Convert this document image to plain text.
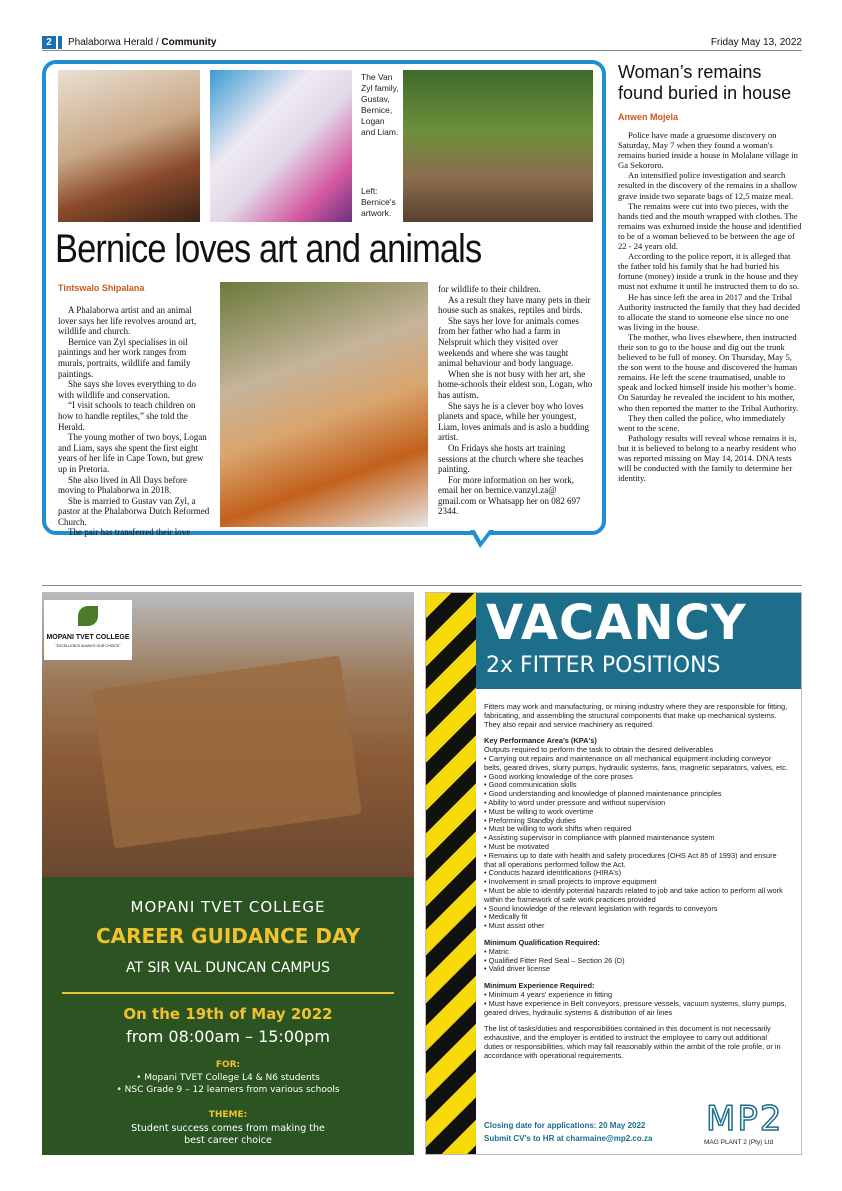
2	Phalaborwa Herald / Community	Friday May 13, 2022
The Van Zyl family, Gustav, Bernice, Logan and Liam.
Left: Bernice's artwork.
Bernice loves art and animals
Tintswalo Shipalana

A Phalaborwa artist and an animal lover says her life revolves around art, wildlife and church.

Bernice van Zyl specialises in oil paintings and her work ranges from murals, portraits, wildlife and family paintings.

She says she loves everything to do with wildlife and conservation.

“I visit schools to teach children on how to handle reptiles,” she told the Herald.

The young mother of two boys, Logan and Liam, says she spent the first eight years of her life in Cape Town, but grew up in Pretoria.

She also lived in All Days before moving to Phalaborwa in 2018.

She is married to Gustav van Zyl, a pastor at the Phalaborwa Dutch Reformed Church.

The pair has transferred their love

for wildlife to their children.

As a result they have many pets in their house such as snakes, reptiles and birds.

She says her love for animals comes from her father who had a farm in Nelspruit which they visited over weekends and where she was taught animal behaviour and body language.

When she is not busy with her art, she home-schools their eldest son, Logan, who has autism.

She says he is a clever boy who loves planets and space, while her youngest, Liam, loves animals and is aslo a budding artist.

On Fridays she hosts art training sessions at the church where she teaches painting.

For more information on her work, email her on bernice.vanzyl.za@ gmail.com or Whatsapp her on 082 697 2344.

Woman’s remains found buried in house
Anwen Mojela

Police have made a gruesome discovery on Saturday, May 7 when they found a woman's remains buried inside a house in Molalane village in Ga Sekororo.

An intensified police investigation and search resulted in the discovery of the remains in a shallow grave inside two separate bags of 12,5 maize meal.

The remains were cut into two pieces, with the hands tied and the mouth wrapped with clothes. The remains was exhumed inside the house and identified to be of a woman believed to be between the age of 22 - 24 years old.

According to the police report, it is alleged that the father told his family that he had buried his fortune (money) inside a trunk in the house and they must not exhume it until he instructed them to do so.

He has since left the area in 2017 and the Tribal Authority instructed the family that they had decided to allocate the stand to someone else since no one was living in the house.

The mother, who lives elsewhere, then instructed their son to go to the house and dig out the trunk believed to be full of money. On Thursday, May 5, the son went to the house and discovered the human remains. He left the scene traumatised, unable to speak and locked himself inside his mother’s home. On Saturday he revealed the incident to his mother, who then reported the matter to the Tribal Authority.

They then called the police, who immediately went to the scene.

Pathology results will reveal whose remains it is, but it is believed to belong to a nearby resident who was reported missing on May 14, 2014. DNA tests will be conducted with the family to determine her identity.

MOPANI TVET COLLEGE
"EXCELLENCE ALWAYS OUR CHOICE"
MOPANI TVET COLLEGE
CAREER GUIDANCE DAY
AT SIR VAL DUNCAN CAMPUS
On the 19th of May 2022
from 08:00am – 15:00pm
FOR:
• Mopani TVET College L4 & N6 students
• NSC Grade 9 – 12 learners from various schools
THEME:
Student success comes from making the best career choice
VACANCY
2x FITTER POSITIONS
Fitters may work and manufacturing, or mining industry where they are responsible for fitting, fabricating, and assembling the structural components that make up mechanical systems. They also repair and service machinery as required.
Key Performance Area's (KPA's)
Outputs required to perform the task to obtain the desired deliverables
• Carrying out repairs and maintenance on all mechanical equipment including conveyor belts, geared drives, slurry pumps, hydraulic systems, fans, magnetic separators, valves, etc.
• Good working knowledge of the core proses
• Good communication skills
• Good understanding and knowledge of planned maintenance principles
• Ability to word under pressure and without supervision
• Must be willing to work overtime
• Preforming Standby duties
• Must be willing to work shifts when required
• Assisting supervisor in compliance with planned maintenance system
• Must be motivated
• Remains up to date with health and safety procedures (OHS Act 85 of 1993) and ensure that all operations performed follow the Act.
• Conducts hazard identifications (HIRA's)
• Involvement in small projects to improve equipment
• Must be able to identify potential hazards related to job and take action to perform all work within the framework of safe work practices provided
• Sound knowledge of the relevant legislation with regards to conveyors
• Medically fit
• Must assist other
Minimum Qualification Required:
• Matric
• Qualified Fitter Red Seal – Section 26 (D)
• Valid driver license
Minimum Experience Required:
• Minimum 4 years' experience in fitting
• Must have experience in Belt conveyors, pressure vessels, vacuum systems, slurry pumps, geared drives, hydraulic systems & distribution of air lines
The list of tasks/duties and responsibilities contained in this document is not necessarily exhaustive, and the employer is entitled to instruct the employee to carry out additional duties or responsibilities, which may fall reasonably within the ambit of the role profile, or in accordance with operational requirements.
Closing date for applications: 20 May 2022
Submit CV's to HR at charmaine@mp2.co.za MP2
MAG PLANT 2 (Pty) Ltd
